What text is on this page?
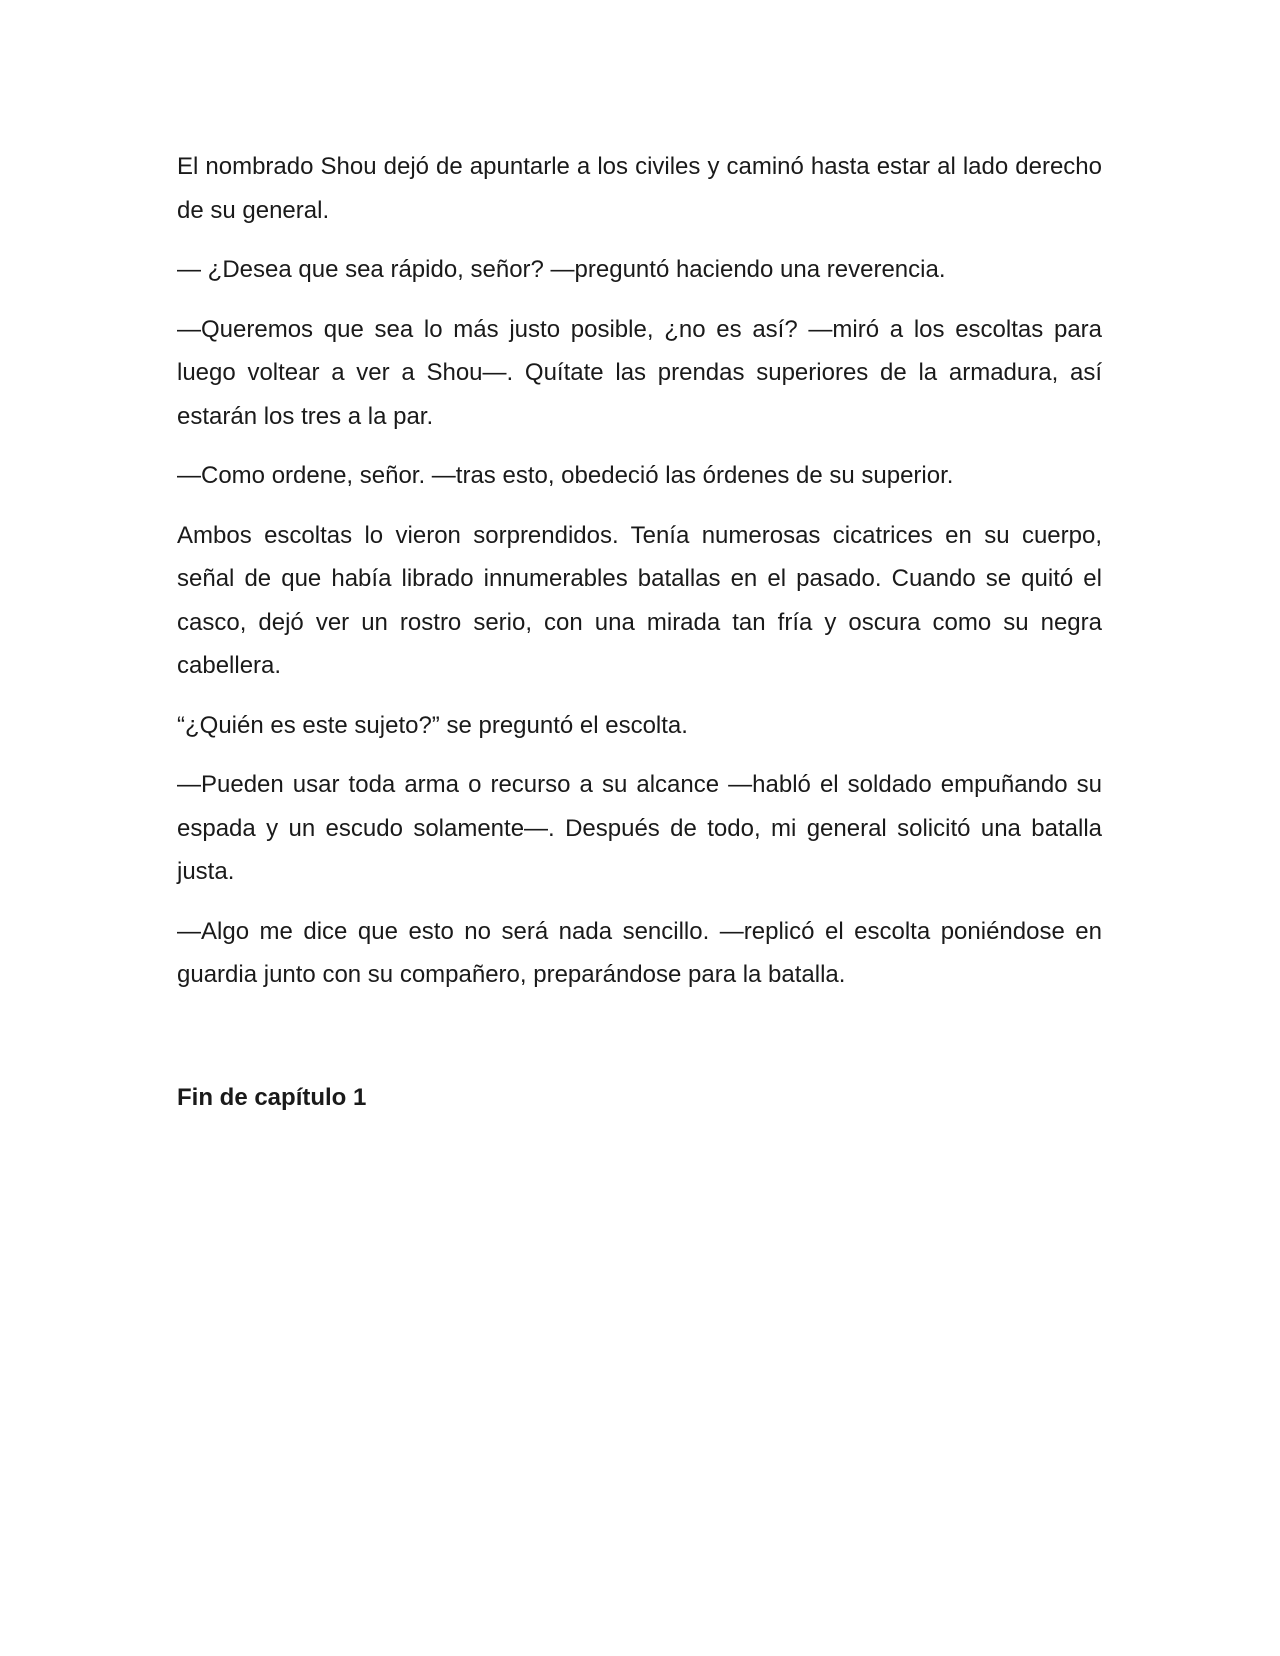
El nombrado Shou dejó de apuntarle a los civiles y caminó hasta estar al lado derecho de su general.

— ¿Desea que sea rápido, señor? —preguntó haciendo una reverencia.

—Queremos que sea lo más justo posible, ¿no es así? —miró a los escoltas para luego voltear a ver a Shou—. Quítate las prendas superiores de la armadura, así estarán los tres a la par.

—Como ordene, señor. —tras esto, obedeció las órdenes de su superior.

Ambos escoltas lo vieron sorprendidos. Tenía numerosas cicatrices en su cuerpo, señal de que había librado innumerables batallas en el pasado. Cuando se quitó el casco, dejó ver un rostro serio, con una mirada tan fría y oscura como su negra cabellera.

“¿Quién es este sujeto?” se preguntó el escolta.

—Pueden usar toda arma o recurso a su alcance —habló el soldado empuñando su espada y un escudo solamente—. Después de todo, mi general solicitó una batalla justa.

—Algo me dice que esto no será nada sencillo. —replicó el escolta poniéndose en guardia junto con su compañero, preparándose para la batalla.

Fin de capítulo 1
